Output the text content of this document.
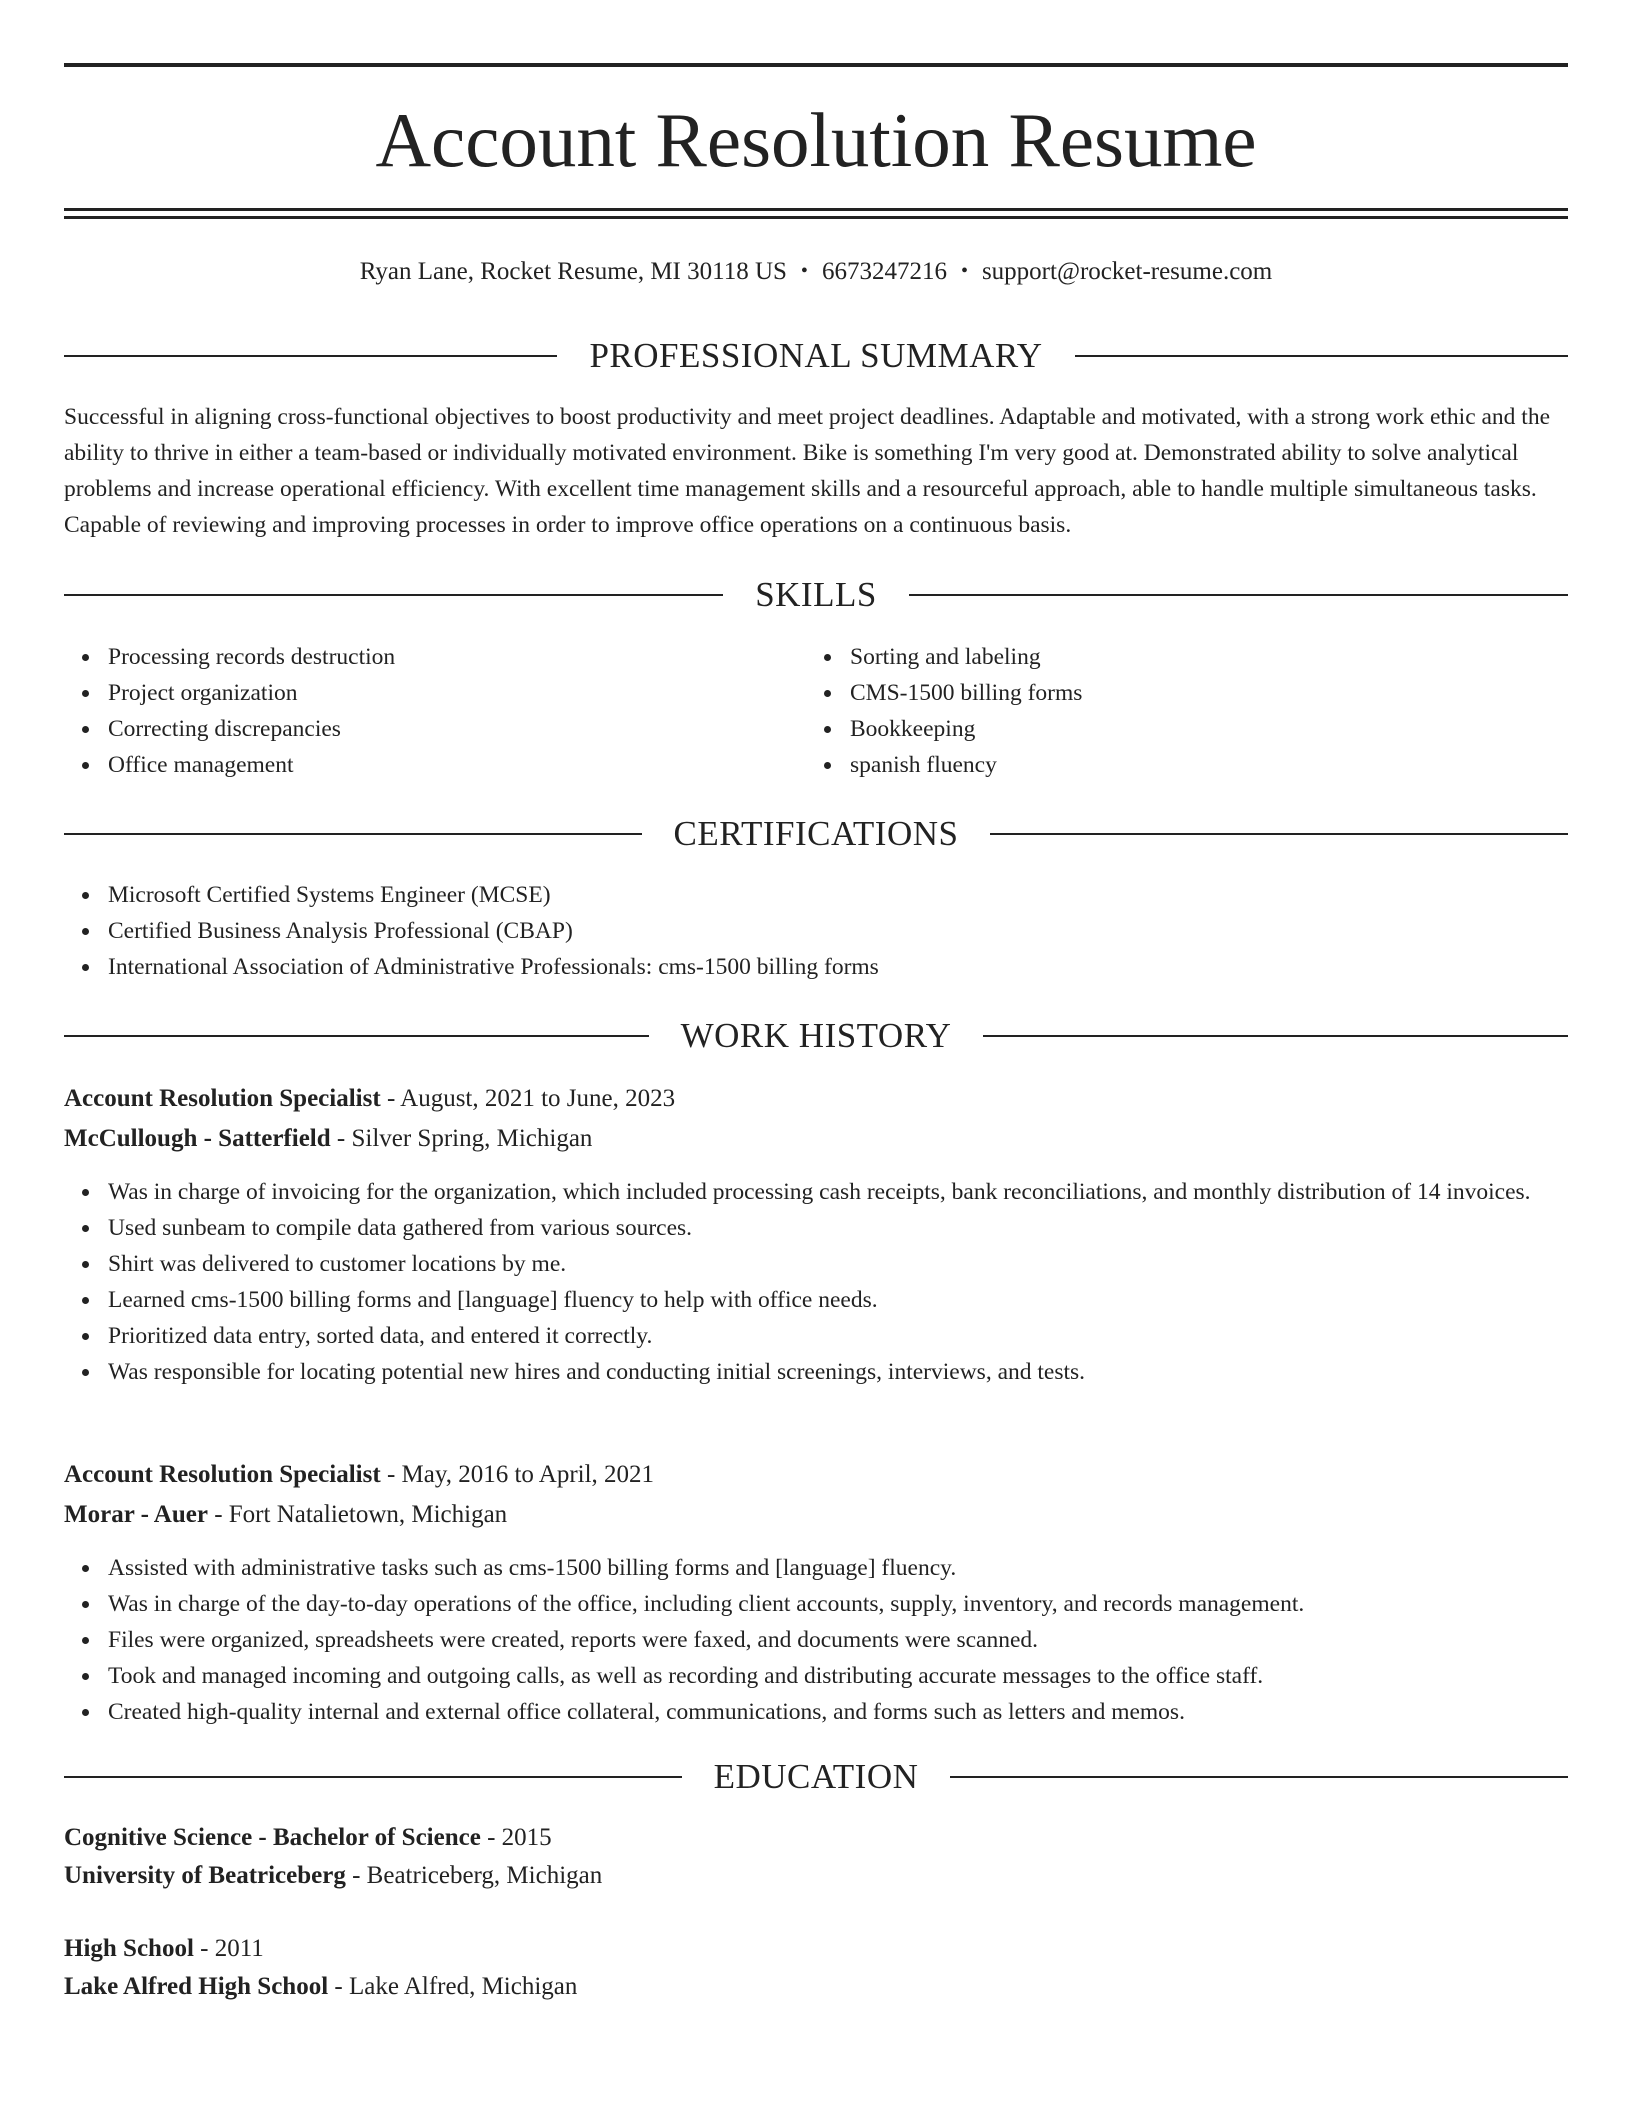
Account Resolution Resume
Ryan Lane, Rocket Resume, MI 30118 US • 6673247216 • support@rocket-resume.com
PROFESSIONAL SUMMARY

Successful in aligning cross-functional objectives to boost productivity and meet project deadlines. Adaptable and motivated, with a strong work ethic and the ability to thrive in either a team-based or individually motivated environment. Bike is something I'm very good at. Demonstrated ability to solve analytical problems and increase operational efficiency. With excellent time management skills and a resourceful approach, able to handle multiple simultaneous tasks. Capable of reviewing and improving processes in order to improve office operations on a continuous basis.

SKILLS
Processing records destruction
Project organization
Correcting discrepancies
Office management
Sorting and labeling
CMS-1500 billing forms
Bookkeeping
spanish fluency
CERTIFICATIONS
Microsoft Certified Systems Engineer (MCSE)
Certified Business Analysis Professional (CBAP)
International Association of Administrative Professionals: cms-1500 billing forms
WORK HISTORY
Account Resolution Specialist - August, 2021 to June, 2023
McCullough - Satterfield - Silver Spring, Michigan
Was in charge of invoicing for the organization, which included processing cash receipts, bank reconciliations, and monthly distribution of 14 invoices.
Used sunbeam to compile data gathered from various sources.
Shirt was delivered to customer locations by me.
Learned cms-1500 billing forms and [language] fluency to help with office needs.
Prioritized data entry, sorted data, and entered it correctly.
Was responsible for locating potential new hires and conducting initial screenings, interviews, and tests.
Account Resolution Specialist - May, 2016 to April, 2021
Morar - Auer - Fort Natalietown, Michigan
Assisted with administrative tasks such as cms-1500 billing forms and [language] fluency.
Was in charge of the day-to-day operations of the office, including client accounts, supply, inventory, and records management.
Files were organized, spreadsheets were created, reports were faxed, and documents were scanned.
Took and managed incoming and outgoing calls, as well as recording and distributing accurate messages to the office staff.
Created high-quality internal and external office collateral, communications, and forms such as letters and memos.
EDUCATION
Cognitive Science - Bachelor of Science - 2015
University of Beatriceberg - Beatriceberg, Michigan
High School - 2011
Lake Alfred High School - Lake Alfred, Michigan
